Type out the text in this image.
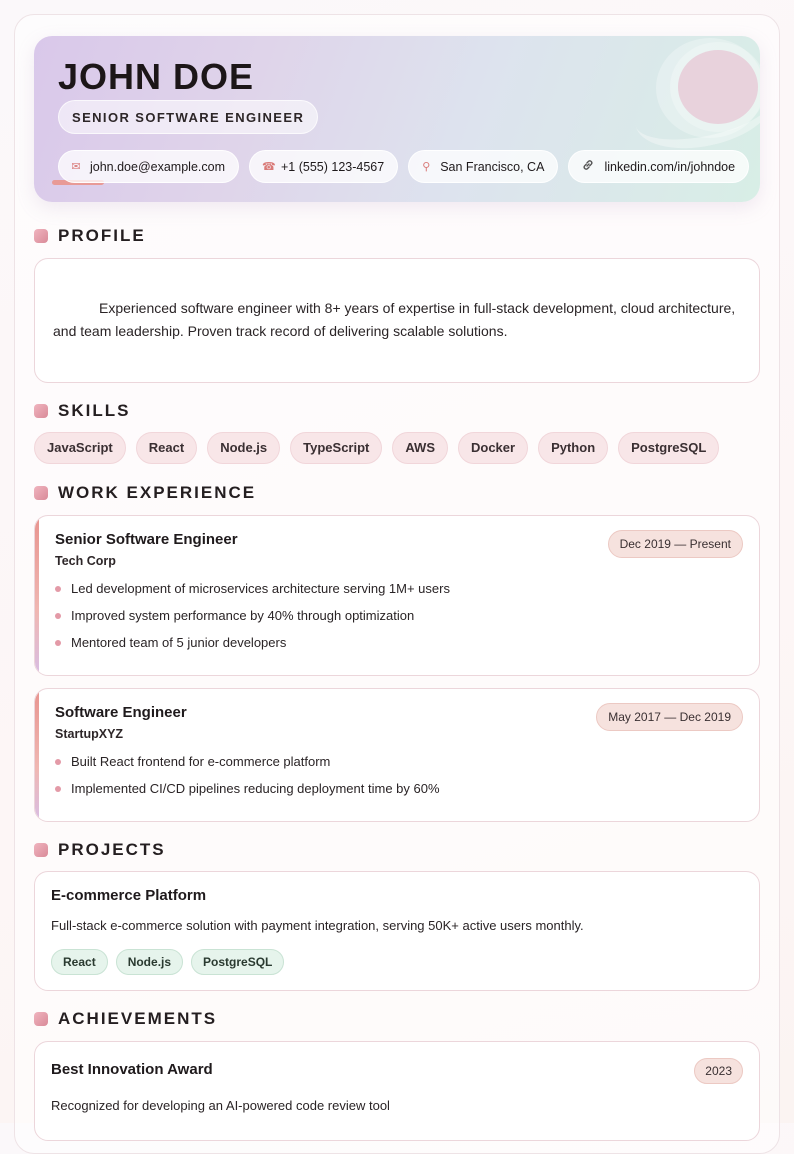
JOHN DOE
SENIOR SOFTWARE ENGINEER
✉ john.doe@example.com	☎ +1 (555) 123-4567	⚲ San Francisco, CA	linkedin.com/in/johndoe
PROFILE
Experienced software engineer with 8+ years of expertise in full-stack development, cloud architecture, and team leadership. Proven track record of delivering scalable solutions.
SKILLS
JavaScript	React	Node.js	TypeScript	AWS	Docker	Python	PostgreSQL
WORK EXPERIENCE
Senior Software Engineer
Tech Corp
Dec 2019 — Present
Led development of microservices architecture serving 1M+ users
Improved system performance by 40% through optimization
Mentored team of 5 junior developers
Software Engineer
StartupXYZ
May 2017 — Dec 2019
Built React frontend for e-commerce platform
Implemented CI/CD pipelines reducing deployment time by 60%
PROJECTS
E-commerce Platform
Full-stack e-commerce solution with payment integration, serving 50K+ active users monthly.
React	Node.js	PostgreSQL
ACHIEVEMENTS
Best Innovation Award	2023
Recognized for developing an AI-powered code review tool
